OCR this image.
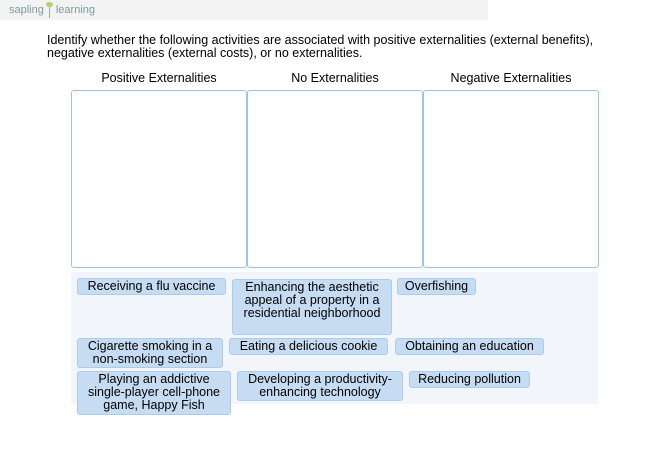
sapling learning
Identify whether the following activities are associated with positive externalities (external benefits),
negative externalities (external costs), or no externalities.
Positive Externalities	No Externalities	Negative Externalities
Receiving a flu vaccine	Enhancing the aesthetic appeal of a property in a residential neighborhood
Overfishing
Cigarette smoking in a non-smoking section
Eating a delicious cookie	Obtaining an education
Playing an addictive single-player cell-phone game, Happy Fish
Developing a productivity-enhancing technology
Reducing pollution
